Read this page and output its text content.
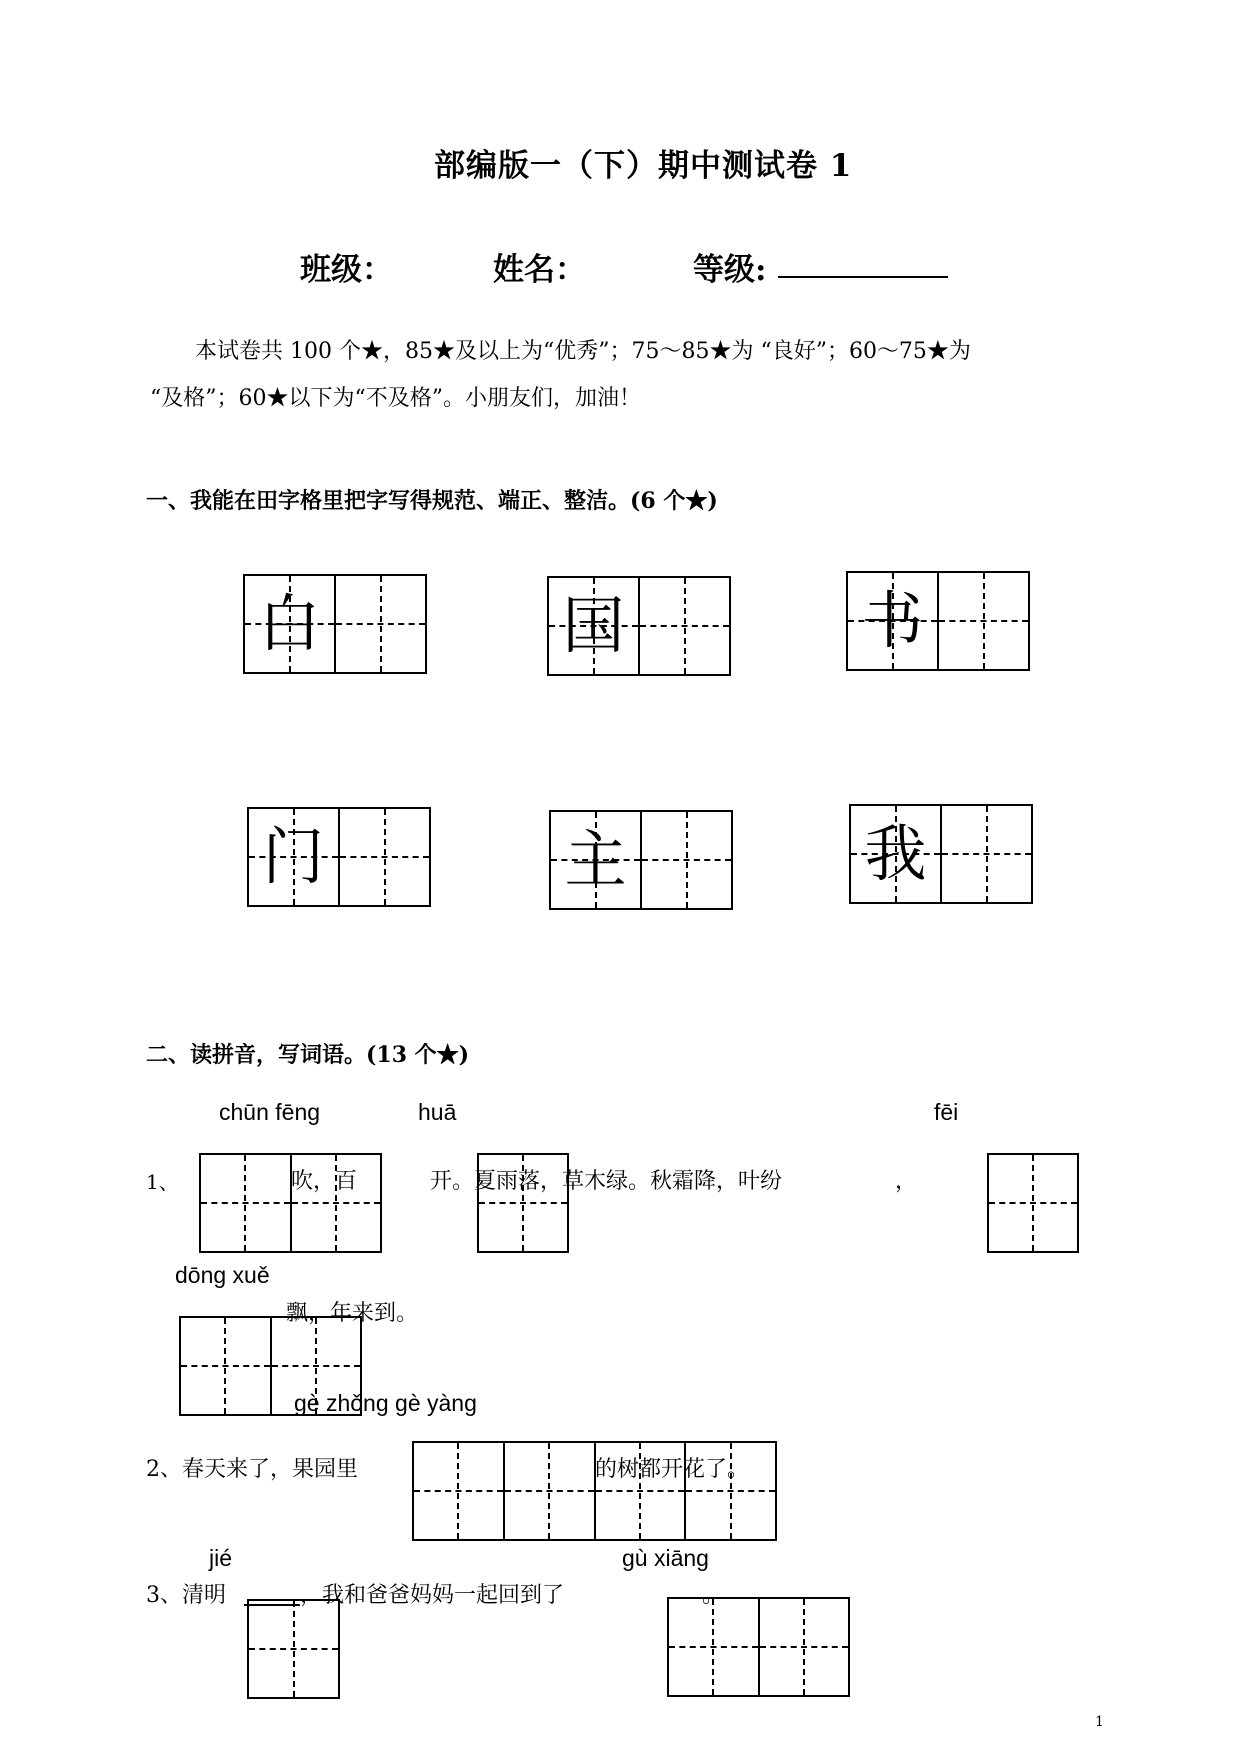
部编版一（下）期中测试卷 1
班级：	姓名：	等级:
本试卷共 100 个★，85★及以上为“优秀”；75～85★为 “良好”；60～75★为
“及格”；60★以下为“不及格”。小朋友们，加油！
一、我能在田字格里把字写得规范、端正、整洁。(6 个★)
白	国	书
门	主	我
二、读拼音，写词语。(13 个★)
chūn fēng	huā	fēi
1、	吹，百	开。夏雨落，草木绿。秋霜降，叶纷	，
dōng xuě
飘，年来到。
gè zhǒng gè yàng
2、春天来了，果园里	的树都开花了。
jié	gù xiāng
3、清明	，我和爸爸妈妈一起回到了	。
1
